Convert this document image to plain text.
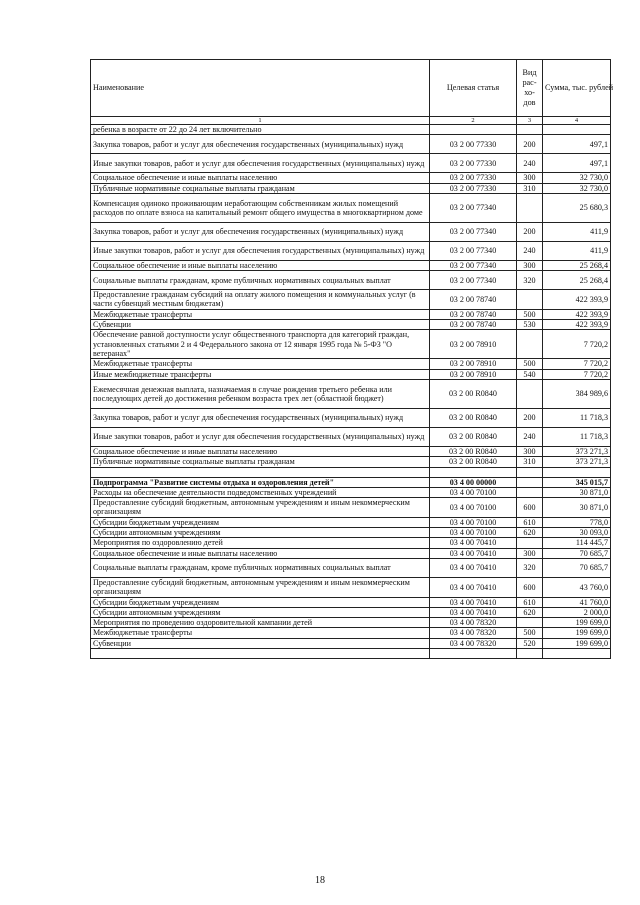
Наименование	Целевая статья	Вид рас-хо-дов	Сумма, тыс. рублей
1	2	3	4
ребенка в возрасте от 22 до 24 лет включительно			
Закупка товаров, работ и услуг для обеспечения государственных (муниципальных) нужд	03 2 00 77330	200	497,1
Иные закупки товаров, работ и услуг для обеспечения государственных (муниципальных) нужд	03 2 00 77330	240	497,1
Социальное обеспечение и иные выплаты населению	03 2 00 77330	300	32 730,0
Публичные нормативные социальные выплаты гражданам	03 2 00 77330	310	32 730,0
Компенсация одиноко проживающим неработающим собственникам жилых помещений расходов по оплате взноса на капитальный ремонт общего имущества в многоквартирном доме	03 2 00 77340		25 680,3
Закупка товаров, работ и услуг для обеспечения государственных (муниципальных) нужд	03 2 00 77340	200	411,9
Иные закупки товаров, работ и услуг для обеспечения государственных (муниципальных) нужд	03 2 00 77340	240	411,9
Социальное обеспечение и иные выплаты населению	03 2 00 77340	300	25 268,4
Социальные выплаты гражданам, кроме публичных нормативных социальных выплат	03 2 00 77340	320	25 268,4
Предоставление гражданам субсидий на оплату жилого помещения и коммунальных услуг (в части субвенций местным бюджетам)	03 2 00 78740		422 393,9
Межбюджетные трансферты	03 2 00 78740	500	422 393,9
Субвенции	03 2 00 78740	530	422 393,9
Обеспечение равной доступности услуг общественного транспорта для категорий граждан, установленных статьями 2 и 4 Федерального закона от 12 января 1995 года № 5-ФЗ "О ветеранах"	03 2 00 78910		7 720,2
Межбюджетные трансферты	03 2 00 78910	500	7 720,2
Иные межбюджетные трансферты	03 2 00 78910	540	7 720,2
Ежемесячная денежная выплата, назначаемая в случае рождения третьего ребенка или последующих детей до достижения ребенком возраста трех лет (областной бюджет)	03 2 00 R0840		384 989,6
Закупка товаров, работ и услуг для обеспечения государственных (муниципальных) нужд	03 2 00 R0840	200	11 718,3
Иные закупки товаров, работ и услуг для обеспечения государственных (муниципальных) нужд	03 2 00 R0840	240	11 718,3
Социальное обеспечение и иные выплаты населению	03 2 00 R0840	300	373 271,3
Публичные нормативные социальные выплаты гражданам	03 2 00 R0840	310	373 271,3

Подпрограмма "Развитие системы отдыха и оздоровления детей"	03 4 00 00000		345 015,7
Расходы на обеспечение деятельности подведомственных учреждений	03 4 00 70100		30 871,0
Предоставление субсидий бюджетным, автономным учреждениям и иным некоммерческим организациям	03 4 00 70100	600	30 871,0
Субсидии бюджетным учреждениям	03 4 00 70100	610	778,0
Субсидии автономным учреждениям	03 4 00 70100	620	30 093,0
Мероприятия по оздоровлению детей	03 4 00 70410		114 445,7
Социальное обеспечение и иные выплаты населению	03 4 00 70410	300	70 685,7
Социальные выплаты гражданам, кроме публичных нормативных социальных выплат	03 4 00 70410	320	70 685,7
Предоставление субсидий бюджетным, автономным учреждениям и иным некоммерческим организациям	03 4 00 70410	600	43 760,0
Субсидии бюджетным учреждениям	03 4 00 70410	610	41 760,0
Субсидии автономным учреждениям	03 4 00 70410	620	2 000,0
Мероприятия по проведению оздоровительной кампании детей	03 4 00 78320		199 699,0
Межбюджетные трансферты	03 4 00 78320	500	199 699,0
Субвенции	03 4 00 78320	520	199 699,0

18
